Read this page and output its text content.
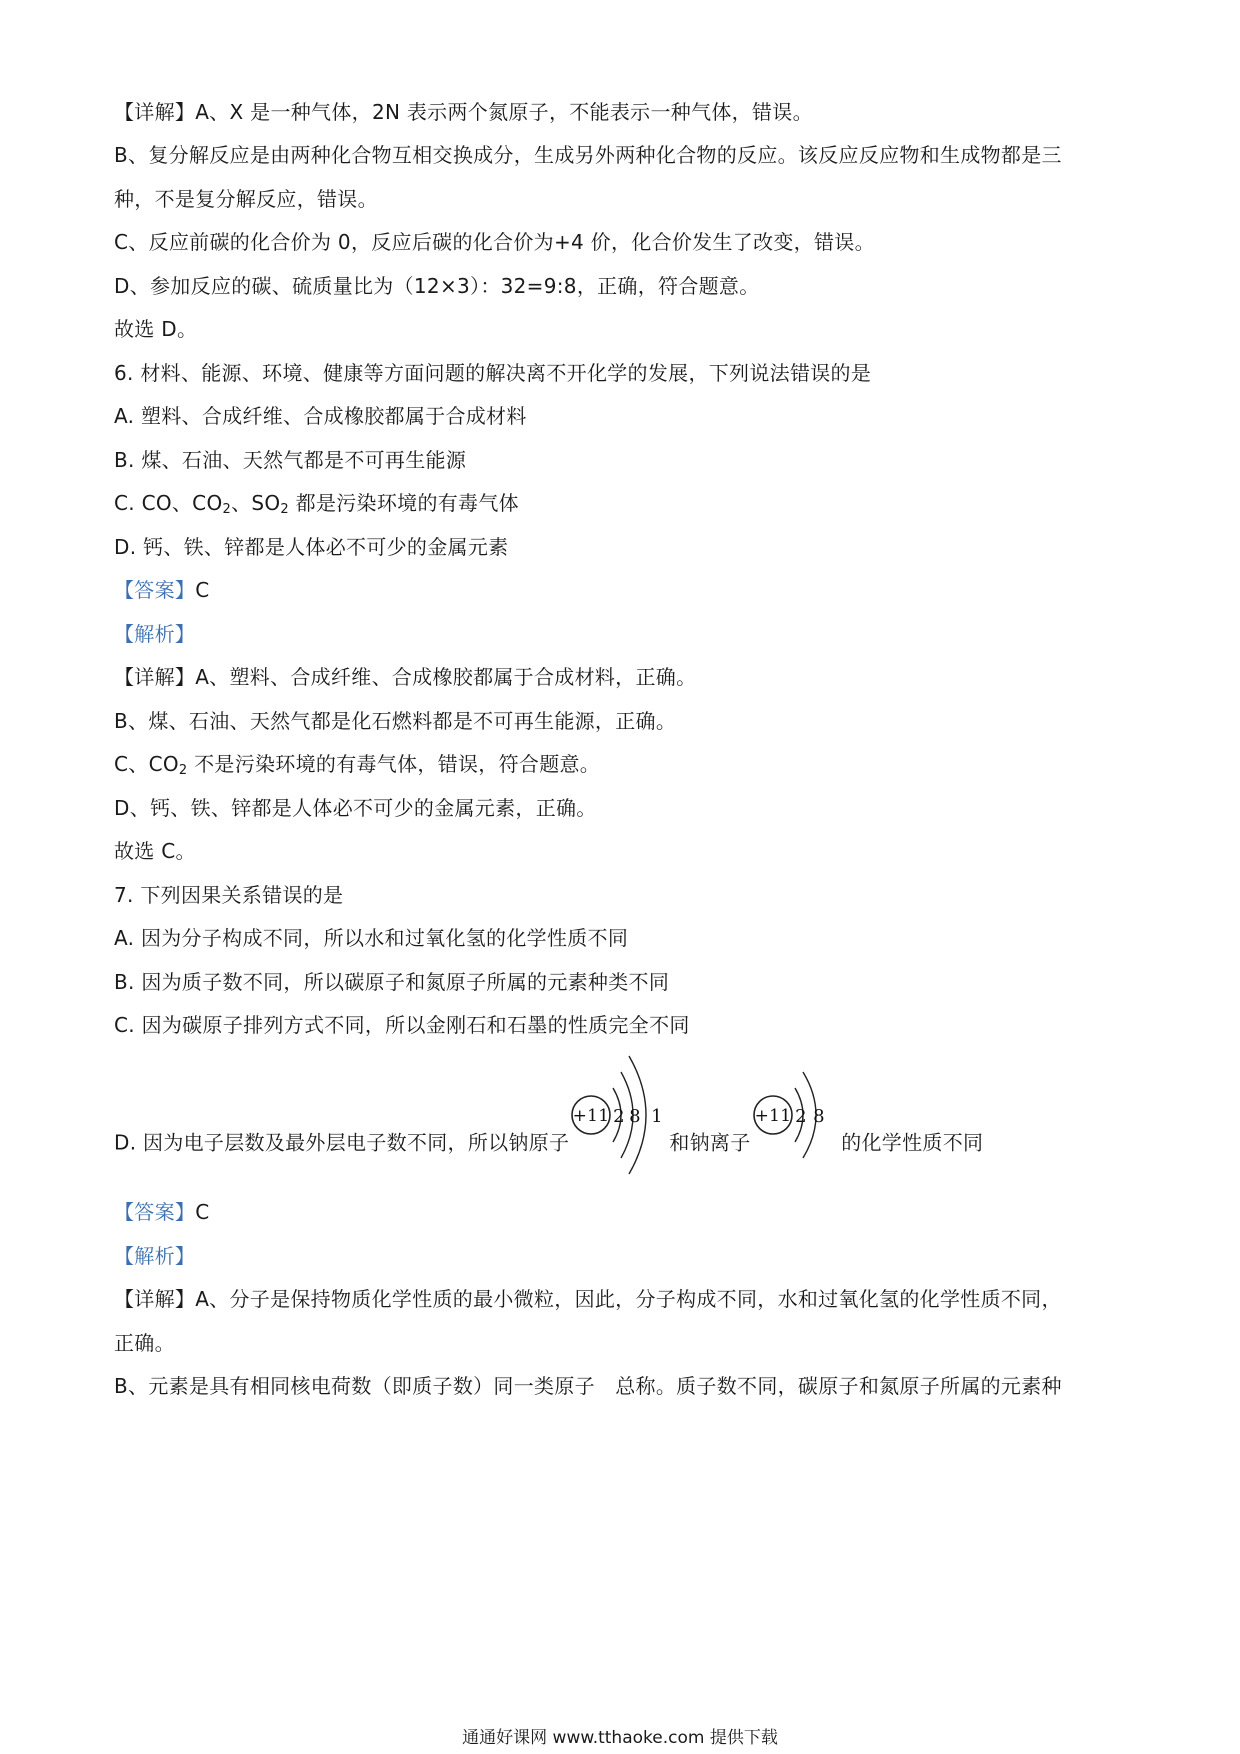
【详解】A、X 是一种气体，2N 表示两个氮原子，不能表示一种气体，错误。
B、复分解反应是由两种化合物互相交换成分，生成另外两种化合物的反应。该反应反应物和生成物都是三
种，不是复分解反应，错误。
C、反应前碳的化合价为 0，反应后碳的化合价为+4 价，化合价发生了改变，错误。
D、参加反应的碳、硫质量比为（12×3）：32=9:8，正确，符合题意。
故选 D。
6. 材料、能源、环境、健康等方面问题的解决离不开化学的发展，下列说法错误的是
A. 塑料、合成纤维、合成橡胶都属于合成材料
B. 煤、石油、天然气都是不可再生能源
C. CO、$CO_2$、$SO_2$ 都是污染环境的有毒气体
D. 钙、铁、锌都是人体必不可少的金属元素
【答案】C
【解析】
【详解】A、塑料、合成纤维、合成橡胶都属于合成材料，正确。
B、煤、石油、天然气都是化石燃料都是不可再生能源，正确。
C、$CO_2$ 不是污染环境的有毒气体，错误，符合题意。
D、钙、铁、锌都是人体必不可少的金属元素，正确。
故选 C。
7. 下列因果关系错误的是
A. 因为分子构成不同，所以水和过氧化氢的化学性质不同
B. 因为质子数不同，所以碳原子和氮原子所属的元素种类不同
C. 因为碳原子排列方式不同，所以金刚石和石墨的性质完全不同
D. 因为电子层数及最外层电子数不同，所以钠原子
+11 2 8 1
和钠离子
+11 2 8
的化学性质不同
【答案】C
【解析】
【详解】A、分子是保持物质化学性质的最小微粒，因此，分子构成不同，水和过氧化氢的化学性质不同，
正确。
B、元素是具有相同核电荷数（即质子数）同一类原子　总称。质子数不同，碳原子和氮原子所属的元素种
通通好课网 www.tthaoke.com 提供下载
